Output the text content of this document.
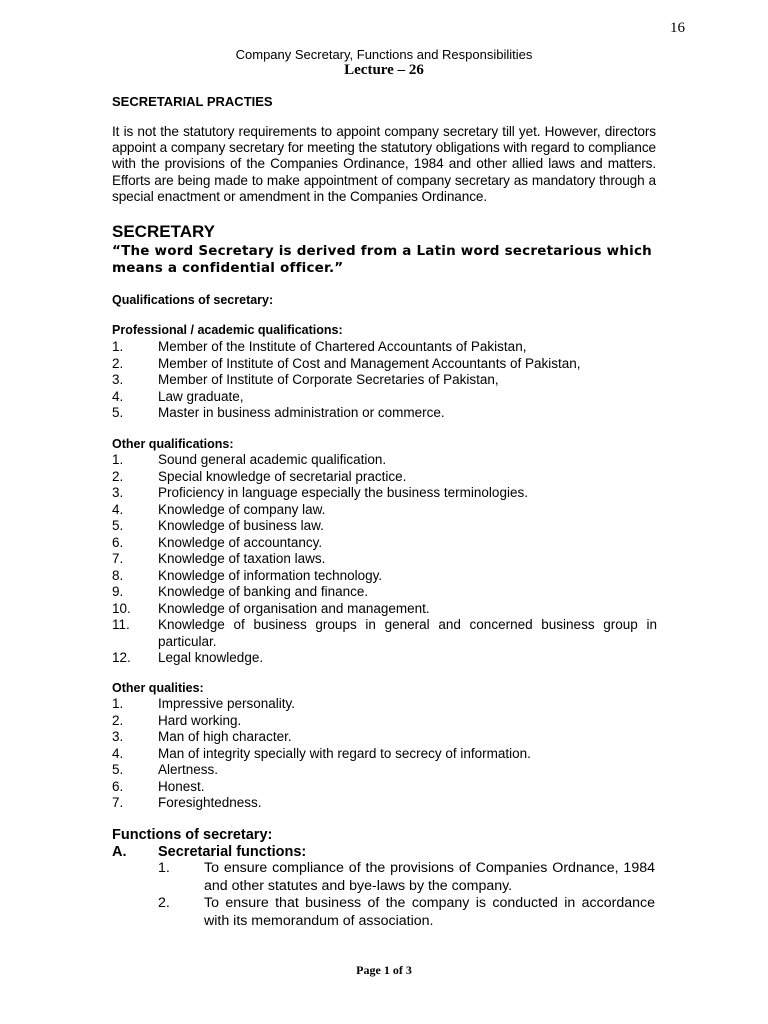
16
Company Secretary, Functions and Responsibilities
Lecture – 26
SECRETARIAL PRACTIES

It is not the statutory requirements to appoint company secretary till yet. However, directors appoint a company secretary for meeting the statutory obligations with regard to compliance with the provisions of the Companies Ordinance, 1984 and other allied laws and matters. Efforts are being made to make appointment of company secretary as mandatory through a special enactment or amendment in the Companies Ordinance.

SECRETARY
“The word Secretary is derived from a Latin word secretarious which means a confidential officer.”
Qualifications of secretary:
Professional / academic qualifications:
1.	Member of the Institute of Chartered Accountants of Pakistan,
2.	Member of Institute of Cost and Management Accountants of Pakistan,
3.	Member of Institute of Corporate Secretaries of Pakistan,
4.	Law graduate,
5.	Master in business administration or commerce.
Other qualifications:
1.	Sound general academic qualification.
2.	Special knowledge of secretarial practice.
3.	Proficiency in language especially the business terminologies.
4.	Knowledge of company law.
5.	Knowledge of business law.
6.	Knowledge of accountancy.
7.	Knowledge of taxation laws.
8.	Knowledge of information technology.
9.	Knowledge of banking and finance.
10. Knowledge of organisation and management.
11. Knowledge of business groups in general and concerned business group in particular.
12. Legal knowledge.
Other qualities:
1.	Impressive personality.
2.	Hard working.
3.	Man of high character.
4.	Man of integrity specially with regard to secrecy of information.
5.	Alertness.
6.	Honest.
7.	Foresightedness.
Functions of secretary:
A. Secretarial functions:
1. To ensure compliance of the provisions of Companies Ordnance, 1984 and other statutes and bye-laws by the company.
2. To ensure that business of the company is conducted in accordance with its memorandum of association.
Page 1 of 3
